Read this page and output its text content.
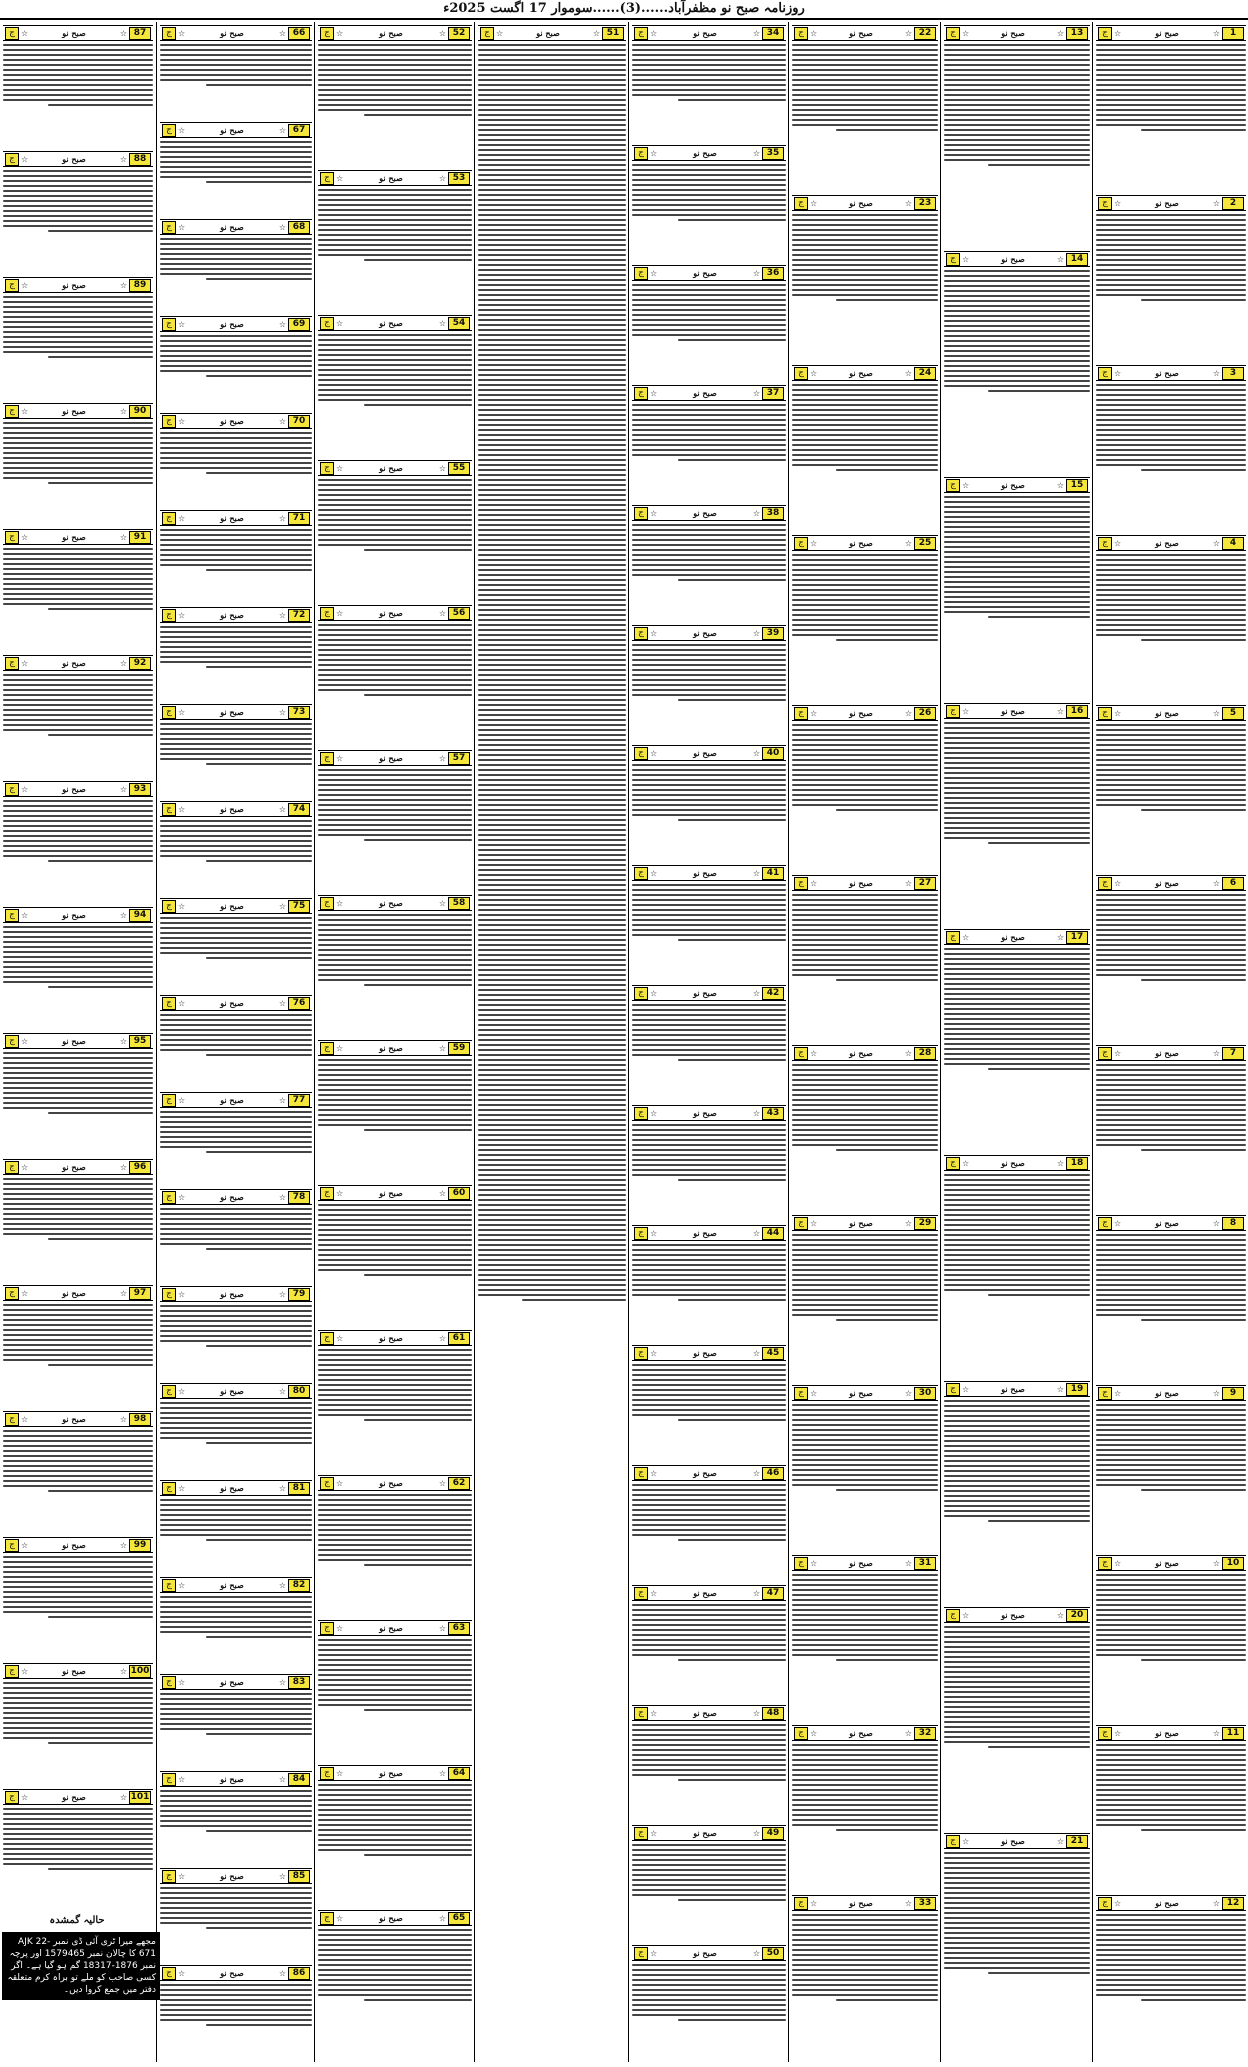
روزنامہ صبح نو مظفرآباد......(3)......سوموار 17 اگست 2025ء
ج ☆	صبح نو	☆	1
ج ☆	صبح نو	☆	2
ج ☆	صبح نو	☆	3
ج ☆	صبح نو	☆	4
ج ☆	صبح نو	☆	5
ج ☆	صبح نو	☆	6
ج ☆	صبح نو	☆	7
ج ☆	صبح نو	☆	8
ج ☆	صبح نو	☆	9
ج ☆	صبح نو	☆ 10
ج ☆	صبح نو	☆ 11
ج ☆	صبح نو	☆ 12
ج ☆	صبح نو	☆ 13
ج ☆	صبح نو	☆ 14
ج ☆	صبح نو	☆ 15
ج ☆	صبح نو	☆ 16
ج ☆	صبح نو	☆ 17
ج ☆	صبح نو	☆ 18
ج ☆	صبح نو	☆ 19
ج ☆	صبح نو	☆ 20
ج ☆	صبح نو	☆ 21
ج ☆	صبح نو	☆ 22
ج ☆	صبح نو	☆ 23
ج ☆	صبح نو	☆ 24
ج ☆	صبح نو	☆ 25
ج ☆	صبح نو	☆ 26
ج ☆	صبح نو	☆ 27
ج ☆	صبح نو	☆ 28
ج ☆	صبح نو	☆ 29
ج ☆	صبح نو	☆ 30
ج ☆	صبح نو	☆ 31
ج ☆	صبح نو	☆ 32
ج ☆	صبح نو	☆ 33
ج ☆	صبح نو	☆ 34
ج ☆	صبح نو	☆ 35
ج ☆	صبح نو	☆ 36
ج ☆	صبح نو	☆ 37
ج ☆	صبح نو	☆ 38
ج ☆	صبح نو	☆ 39
ج ☆	صبح نو	☆ 40
ج ☆	صبح نو	☆ 41
ج ☆	صبح نو	☆ 42
ج ☆	صبح نو	☆ 43
ج ☆	صبح نو	☆ 44
ج ☆	صبح نو	☆ 45
ج ☆	صبح نو	☆ 46
ج ☆	صبح نو	☆ 47
ج ☆	صبح نو	☆ 48
ج ☆	صبح نو	☆ 49
ج ☆	صبح نو	☆ 50
ج ☆	صبح نو	☆ 51
ج ☆	صبح نو	☆ 52
ج ☆	صبح نو	☆ 53
ج ☆	صبح نو	☆ 54
ج ☆	صبح نو	☆ 55
ج ☆	صبح نو	☆ 56
ج ☆	صبح نو	☆ 57
ج ☆	صبح نو	☆ 58
ج ☆	صبح نو	☆ 59
ج ☆	صبح نو	☆ 60
ج ☆	صبح نو	☆ 61
ج ☆	صبح نو	☆ 62
ج ☆	صبح نو	☆ 63
ج ☆	صبح نو	☆ 64
ج ☆	صبح نو	☆ 65
ج ☆	صبح نو	☆ 66
ج ☆	صبح نو	☆ 67
ج ☆	صبح نو	☆ 68
ج ☆	صبح نو	☆ 69
ج ☆	صبح نو	☆ 70
ج ☆	صبح نو	☆ 71
ج ☆	صبح نو	☆ 72
ج ☆	صبح نو	☆ 73
ج ☆	صبح نو	☆ 74
ج ☆	صبح نو	☆ 75
ج ☆	صبح نو	☆ 76
ج ☆	صبح نو	☆ 77
ج ☆	صبح نو	☆ 78
ج ☆	صبح نو	☆ 79
ج ☆	صبح نو	☆ 80
ج ☆	صبح نو	☆ 81
ج ☆	صبح نو	☆ 82
ج ☆	صبح نو	☆ 83
ج ☆	صبح نو	☆ 84
ج ☆	صبح نو	☆ 85
ج ☆	صبح نو	☆ 86
ج ☆	صبح نو	☆ 87
ج ☆	صبح نو	☆ 88
ج ☆	صبح نو	☆ 89
ج ☆	صبح نو	☆ 90
ج ☆	صبح نو	☆ 91
ج ☆	صبح نو	☆ 92
ج ☆	صبح نو	☆ 93
ج ☆	صبح نو	☆ 94
ج ☆	صبح نو	☆ 95
ج ☆	صبح نو	☆ 96
ج ☆	صبح نو	☆ 97
ج ☆	صبح نو	☆ 98
ج ☆	صبح نو	☆ 99
ج ☆	صبح نو	☆ 100
ج ☆	صبح نو	☆ 101
حالیہ گمشدہ
مجھے میرا ٹری آئی ڈی نمبر AJK 22-671 کا چالان نمبر 1579465 اور پرچہ نمبر 1876-18317 گم ہو گیا ہے۔ اگر کسی صاحب کو ملے تو براہ کرم متعلقہ دفتر میں جمع کروا دیں۔
